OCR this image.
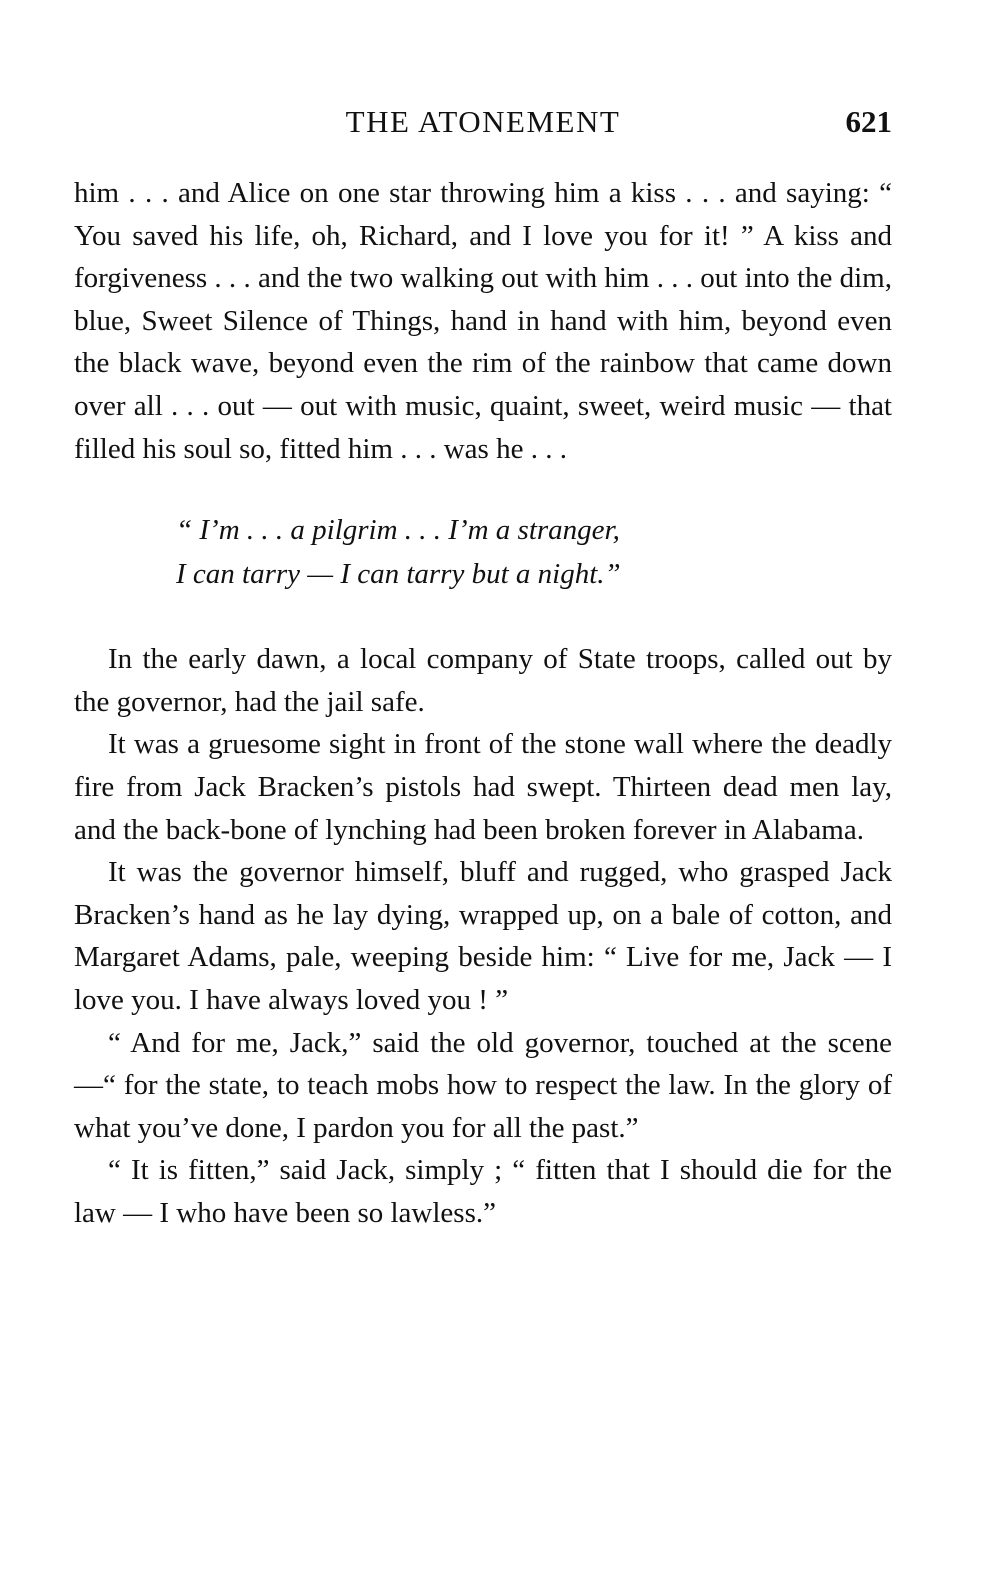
THE ATONEMENT	621

him . . . and Alice on one star throwing him a kiss . . . and saying: “ You saved his life, oh, Richard, and I love you for it! ” A kiss and forgiveness . . . and the two walking out with him . . . out into the dim, blue, Sweet Silence of Things, hand in hand with him, beyond even the black wave, beyond even the rim of the rainbow that came down over all . . . out — out with music, quaint, sweet, weird music — that filled his soul so, fitted him . . . was he . . .

“ I’m . . . a pilgrim . . . I’m a stranger,
I can tarry — I can tarry but a night.”

In the early dawn, a local company of State troops, called out by the governor, had the jail safe.

It was a gruesome sight in front of the stone wall where the deadly fire from Jack Bracken’s pistols had swept. Thirteen dead men lay, and the back-bone of lynching had been broken forever in Alabama.

It was the governor himself, bluff and rugged, who grasped Jack Bracken’s hand as he lay dying, wrapped up, on a bale of cotton, and Margaret Adams, pale, weeping beside him: “ Live for me, Jack — I love you. I have always loved you ! ”

“ And for me, Jack,” said the old governor, touched at the scene —“ for the state, to teach mobs how to respect the law. In the glory of what you’ve done, I pardon you for all the past.”

“ It is fitten,” said Jack, simply ; “ fitten that I should die for the law — I who have been so lawless.”
